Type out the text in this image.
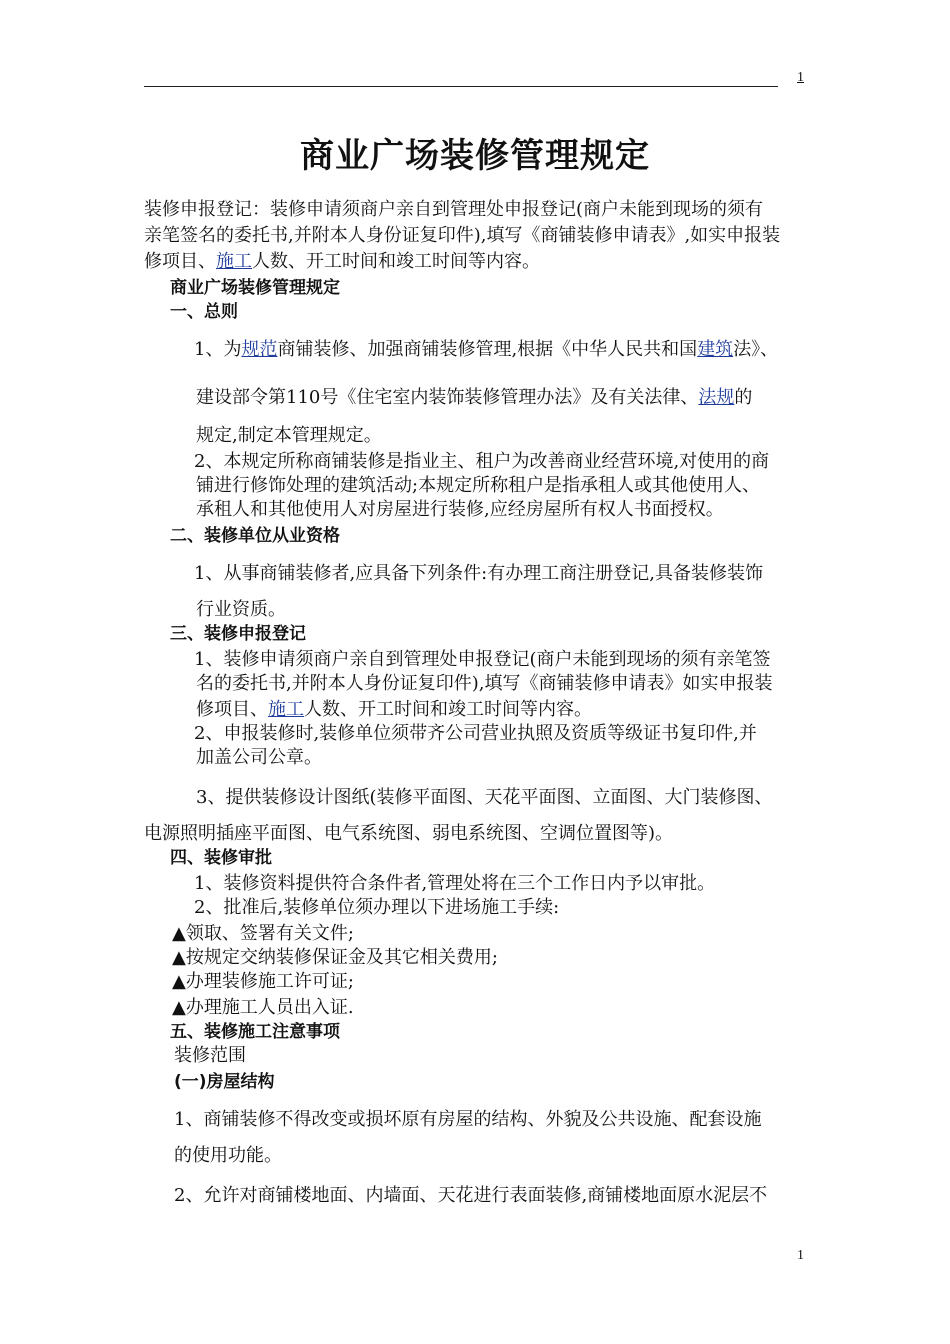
1
商业广场装修管理规定
装修申报登记：装修申请须商户亲自到管理处申报登记(商户未能到现场的须有
亲笔签名的委托书,并附本人身份证复印件),填写《商铺装修申请表》,如实申报装
修项目、施工人数、开工时间和竣工时间等内容。
商业广场装修管理规定
一、总则
1、为规范商铺装修、加强商铺装修管理,根据《中华人民共和国建筑法》、
建设部令第110号《住宅室内装饰装修管理办法》及有关法律、法规的
规定,制定本管理规定。
2、本规定所称商铺装修是指业主、租户为改善商业经营环境,对使用的商
铺进行修饰处理的建筑活动;本规定所称租户是指承租人或其他使用人、
承租人和其他使用人对房屋进行装修,应经房屋所有权人书面授权。
二、装修单位从业资格
1、从事商铺装修者,应具备下列条件:有办理工商注册登记,具备装修装饰
行业资质。
三、装修申报登记
1、装修申请须商户亲自到管理处申报登记(商户未能到现场的须有亲笔签
名的委托书,并附本人身份证复印件),填写《商铺装修申请表》如实申报装
修项目、施工人数、开工时间和竣工时间等内容。
2、申报装修时,装修单位须带齐公司营业执照及资质等级证书复印件,并
加盖公司公章。
3、提供装修设计图纸(装修平面图、天花平面图、立面图、大门装修图、
电源照明插座平面图、电气系统图、弱电系统图、空调位置图等)。
四、装修审批
1、装修资料提供符合条件者,管理处将在三个工作日内予以审批。
2、批准后,装修单位须办理以下进场施工手续:
▲领取、签署有关文件;
▲按规定交纳装修保证金及其它相关费用;
▲办理装修施工许可证;
▲办理施工人员出入证.
五、装修施工注意事项
装修范围
(一)房屋结构
1、商铺装修不得改变或损坏原有房屋的结构、外貌及公共设施、配套设施
的使用功能。
2、允许对商铺楼地面、内墙面、天花进行表面装修,商铺楼地面原水泥层不
1
